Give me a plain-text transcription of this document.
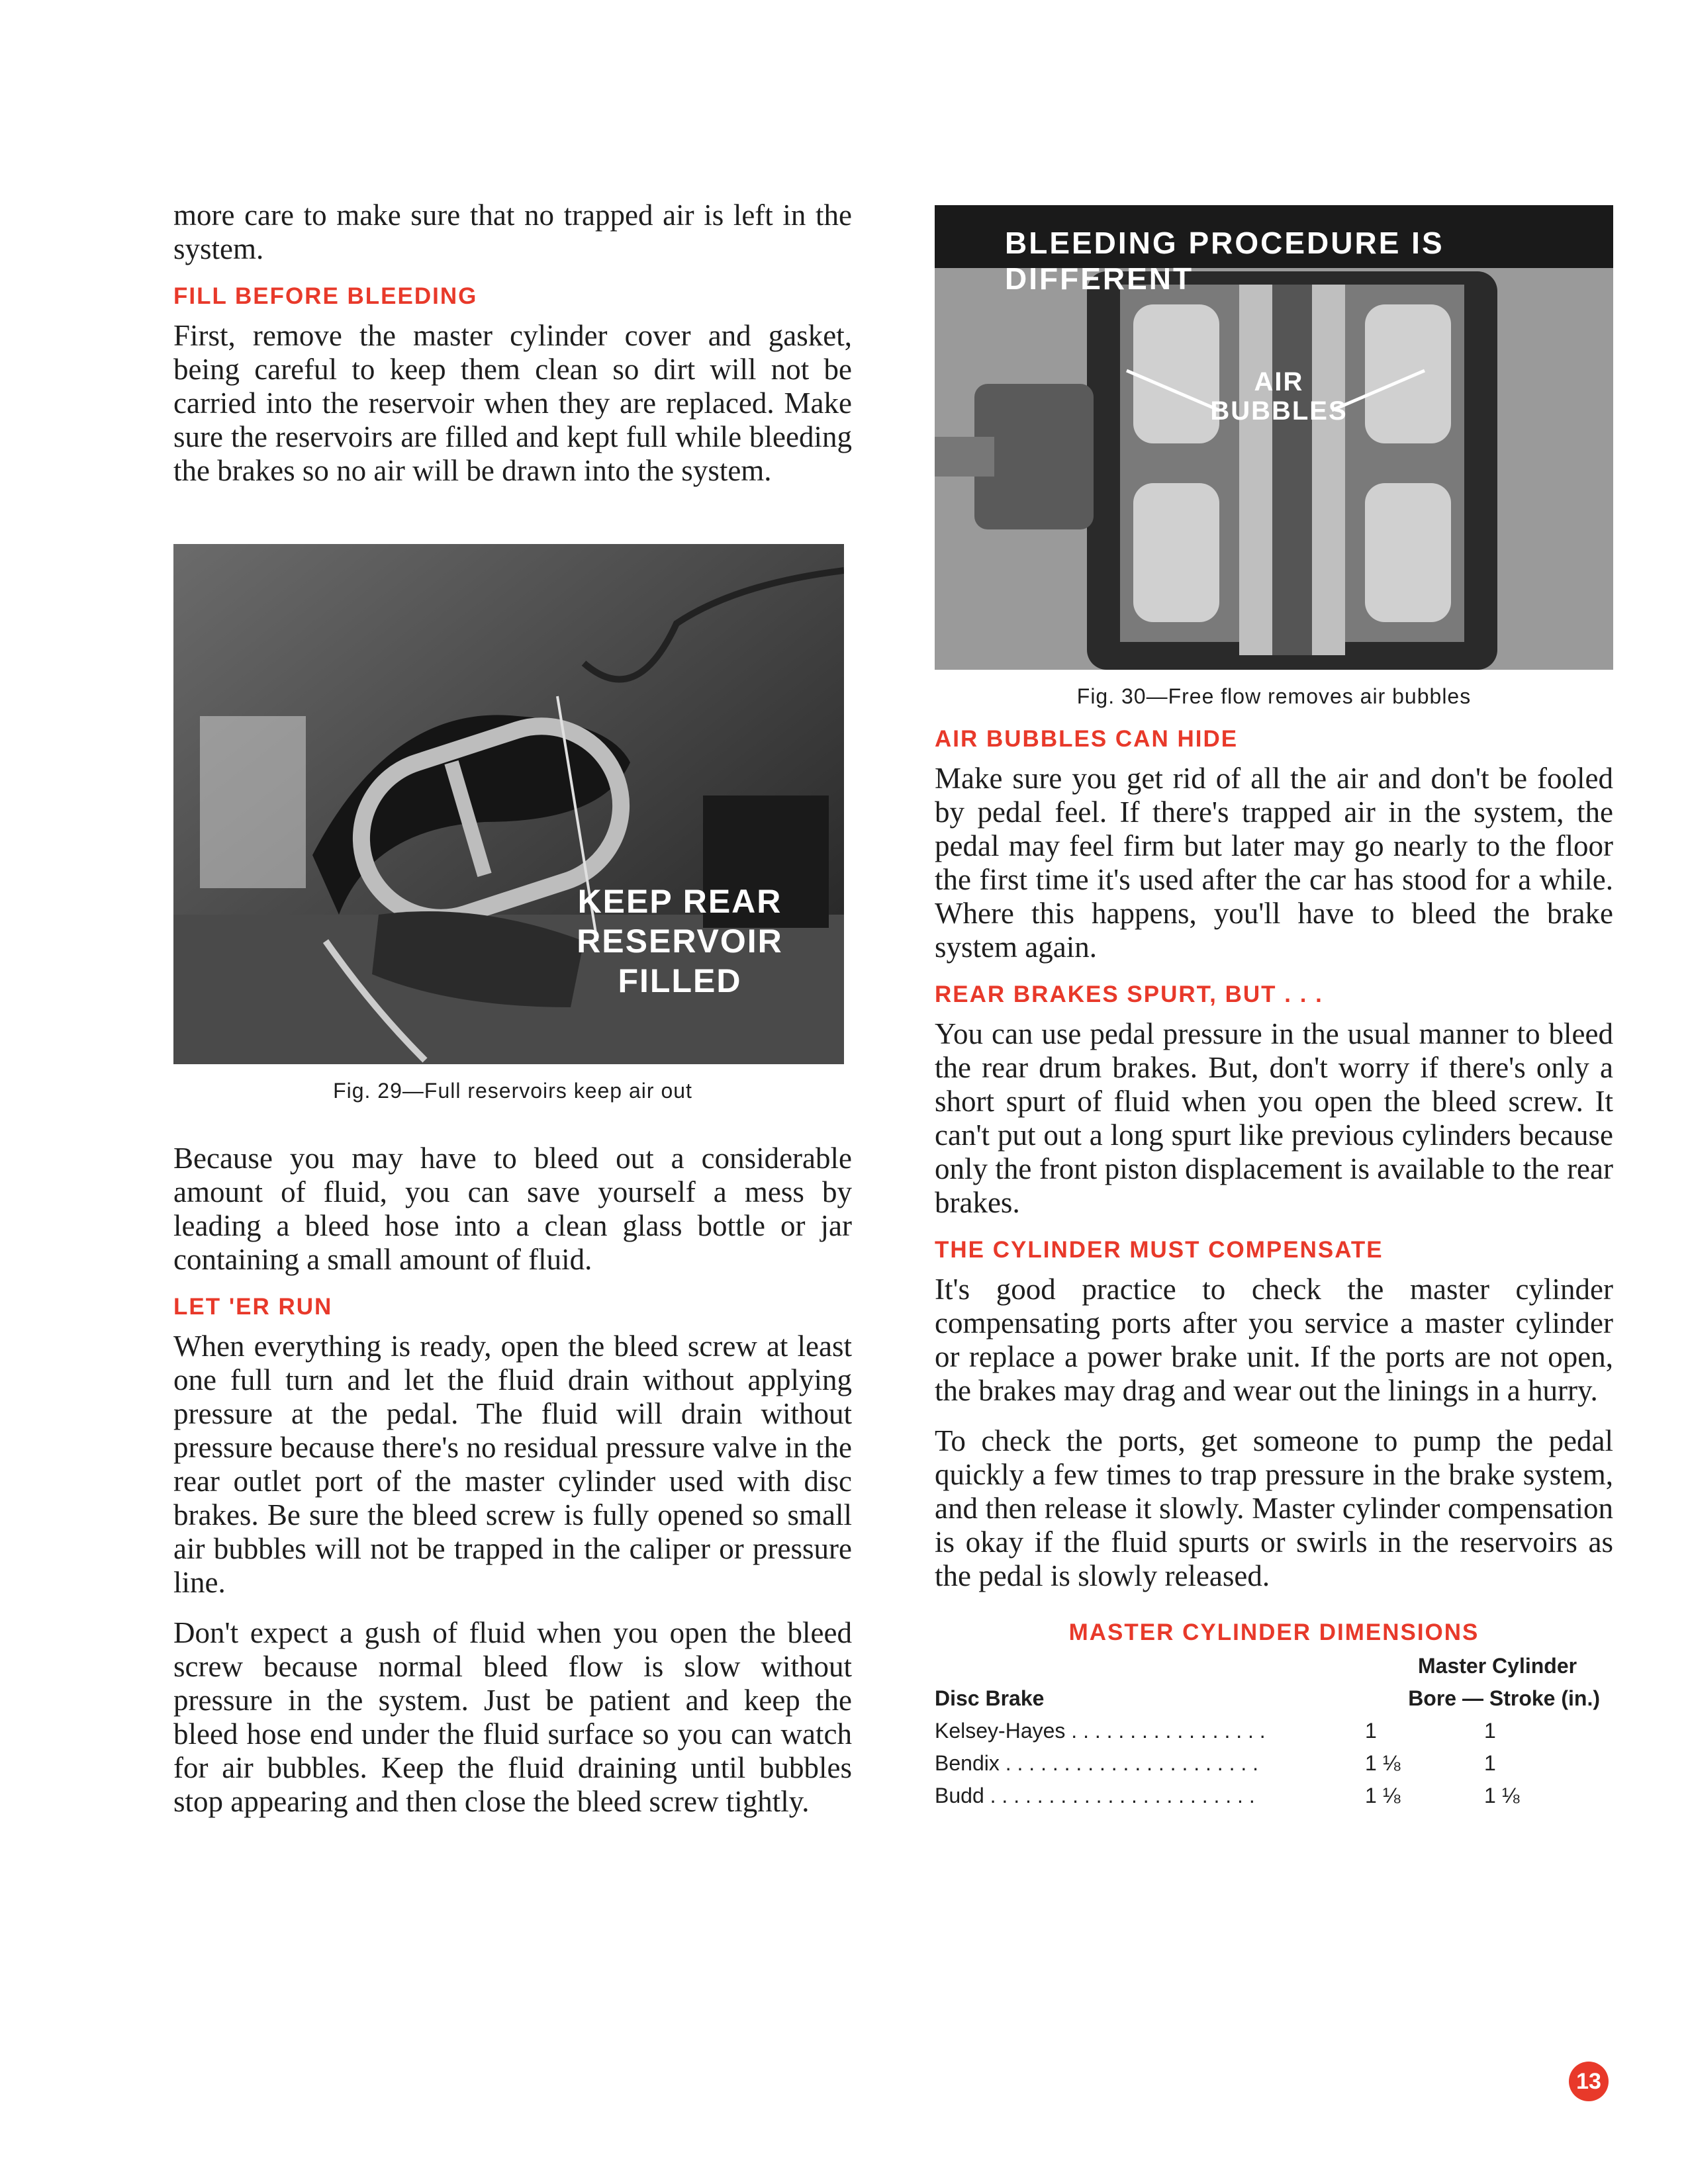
more care to make sure that no trapped air is left in the system.

FILL BEFORE BLEEDING

First, remove the master cylinder cover and gasket, being careful to keep them clean so dirt will not be carried into the reservoir when they are replaced. Make sure the reservoirs are filled and kept full while bleeding the brakes so no air will be drawn into the system.

KEEP REAR
RESERVOIR
FILLED
Fig. 29—Full reservoirs keep air out

Because you may have to bleed out a considerable amount of fluid, you can save yourself a mess by leading a bleed hose into a clean glass bottle or jar containing a small amount of fluid.

LET 'ER RUN

When everything is ready, open the bleed screw at least one full turn and let the fluid drain without applying pressure at the pedal. The fluid will drain without pressure because there's no residual pressure valve in the rear outlet port of the master cylinder used with disc brakes. Be sure the bleed screw is fully opened so small air bubbles will not be trapped in the caliper or pressure line.

Don't expect a gush of fluid when you open the bleed screw because normal bleed flow is slow without pressure in the system. Just be patient and keep the bleed hose end under the fluid surface so you can watch for air bubbles. Keep the fluid draining until bubbles stop appearing and then close the bleed screw tightly.

BLEEDING PROCEDURE IS DIFFERENT
AIR
BUBBLES
Fig. 30—Free flow removes air bubbles
AIR BUBBLES CAN HIDE

Make sure you get rid of all the air and don't be fooled by pedal feel. If there's trapped air in the system, the pedal may feel firm but later may go nearly to the floor the first time it's used after the car has stood for a while. Where this happens, you'll have to bleed the brake system again.

REAR BRAKES SPURT, BUT . . .

You can use pedal pressure in the usual manner to bleed the rear drum brakes. But, don't worry if there's only a short spurt of fluid when you open the bleed screw. It can't put out a long spurt like previous cylinders because only the front piston displacement is available to the rear brakes.

THE CYLINDER MUST COMPENSATE

It's good practice to check the master cylinder compensating ports after you service a master cylinder or replace a power brake unit. If the ports are not open, the brakes may drag and wear out the linings in a hurry.

To check the ports, get someone to pump the pedal quickly a few times to trap pressure in the brake system, and then release it slowly. Master cylinder compensation is okay if the fluid spurts or swirls in the reservoirs as the pedal is slowly released.

MASTER CYLINDER DIMENSIONS
	Master Cylinder	
Disc Brake	Bore — Stroke (in.)	
Kelsey-Hayes . . . . . . . . . . . . . . . . .	1	1
Bendix . . . . . . . . . . . . . . . . . . . . . .	1 ⅛	1
Budd . . . . . . . . . . . . . . . . . . . . . . .	1 ⅛	1 ⅛
13
